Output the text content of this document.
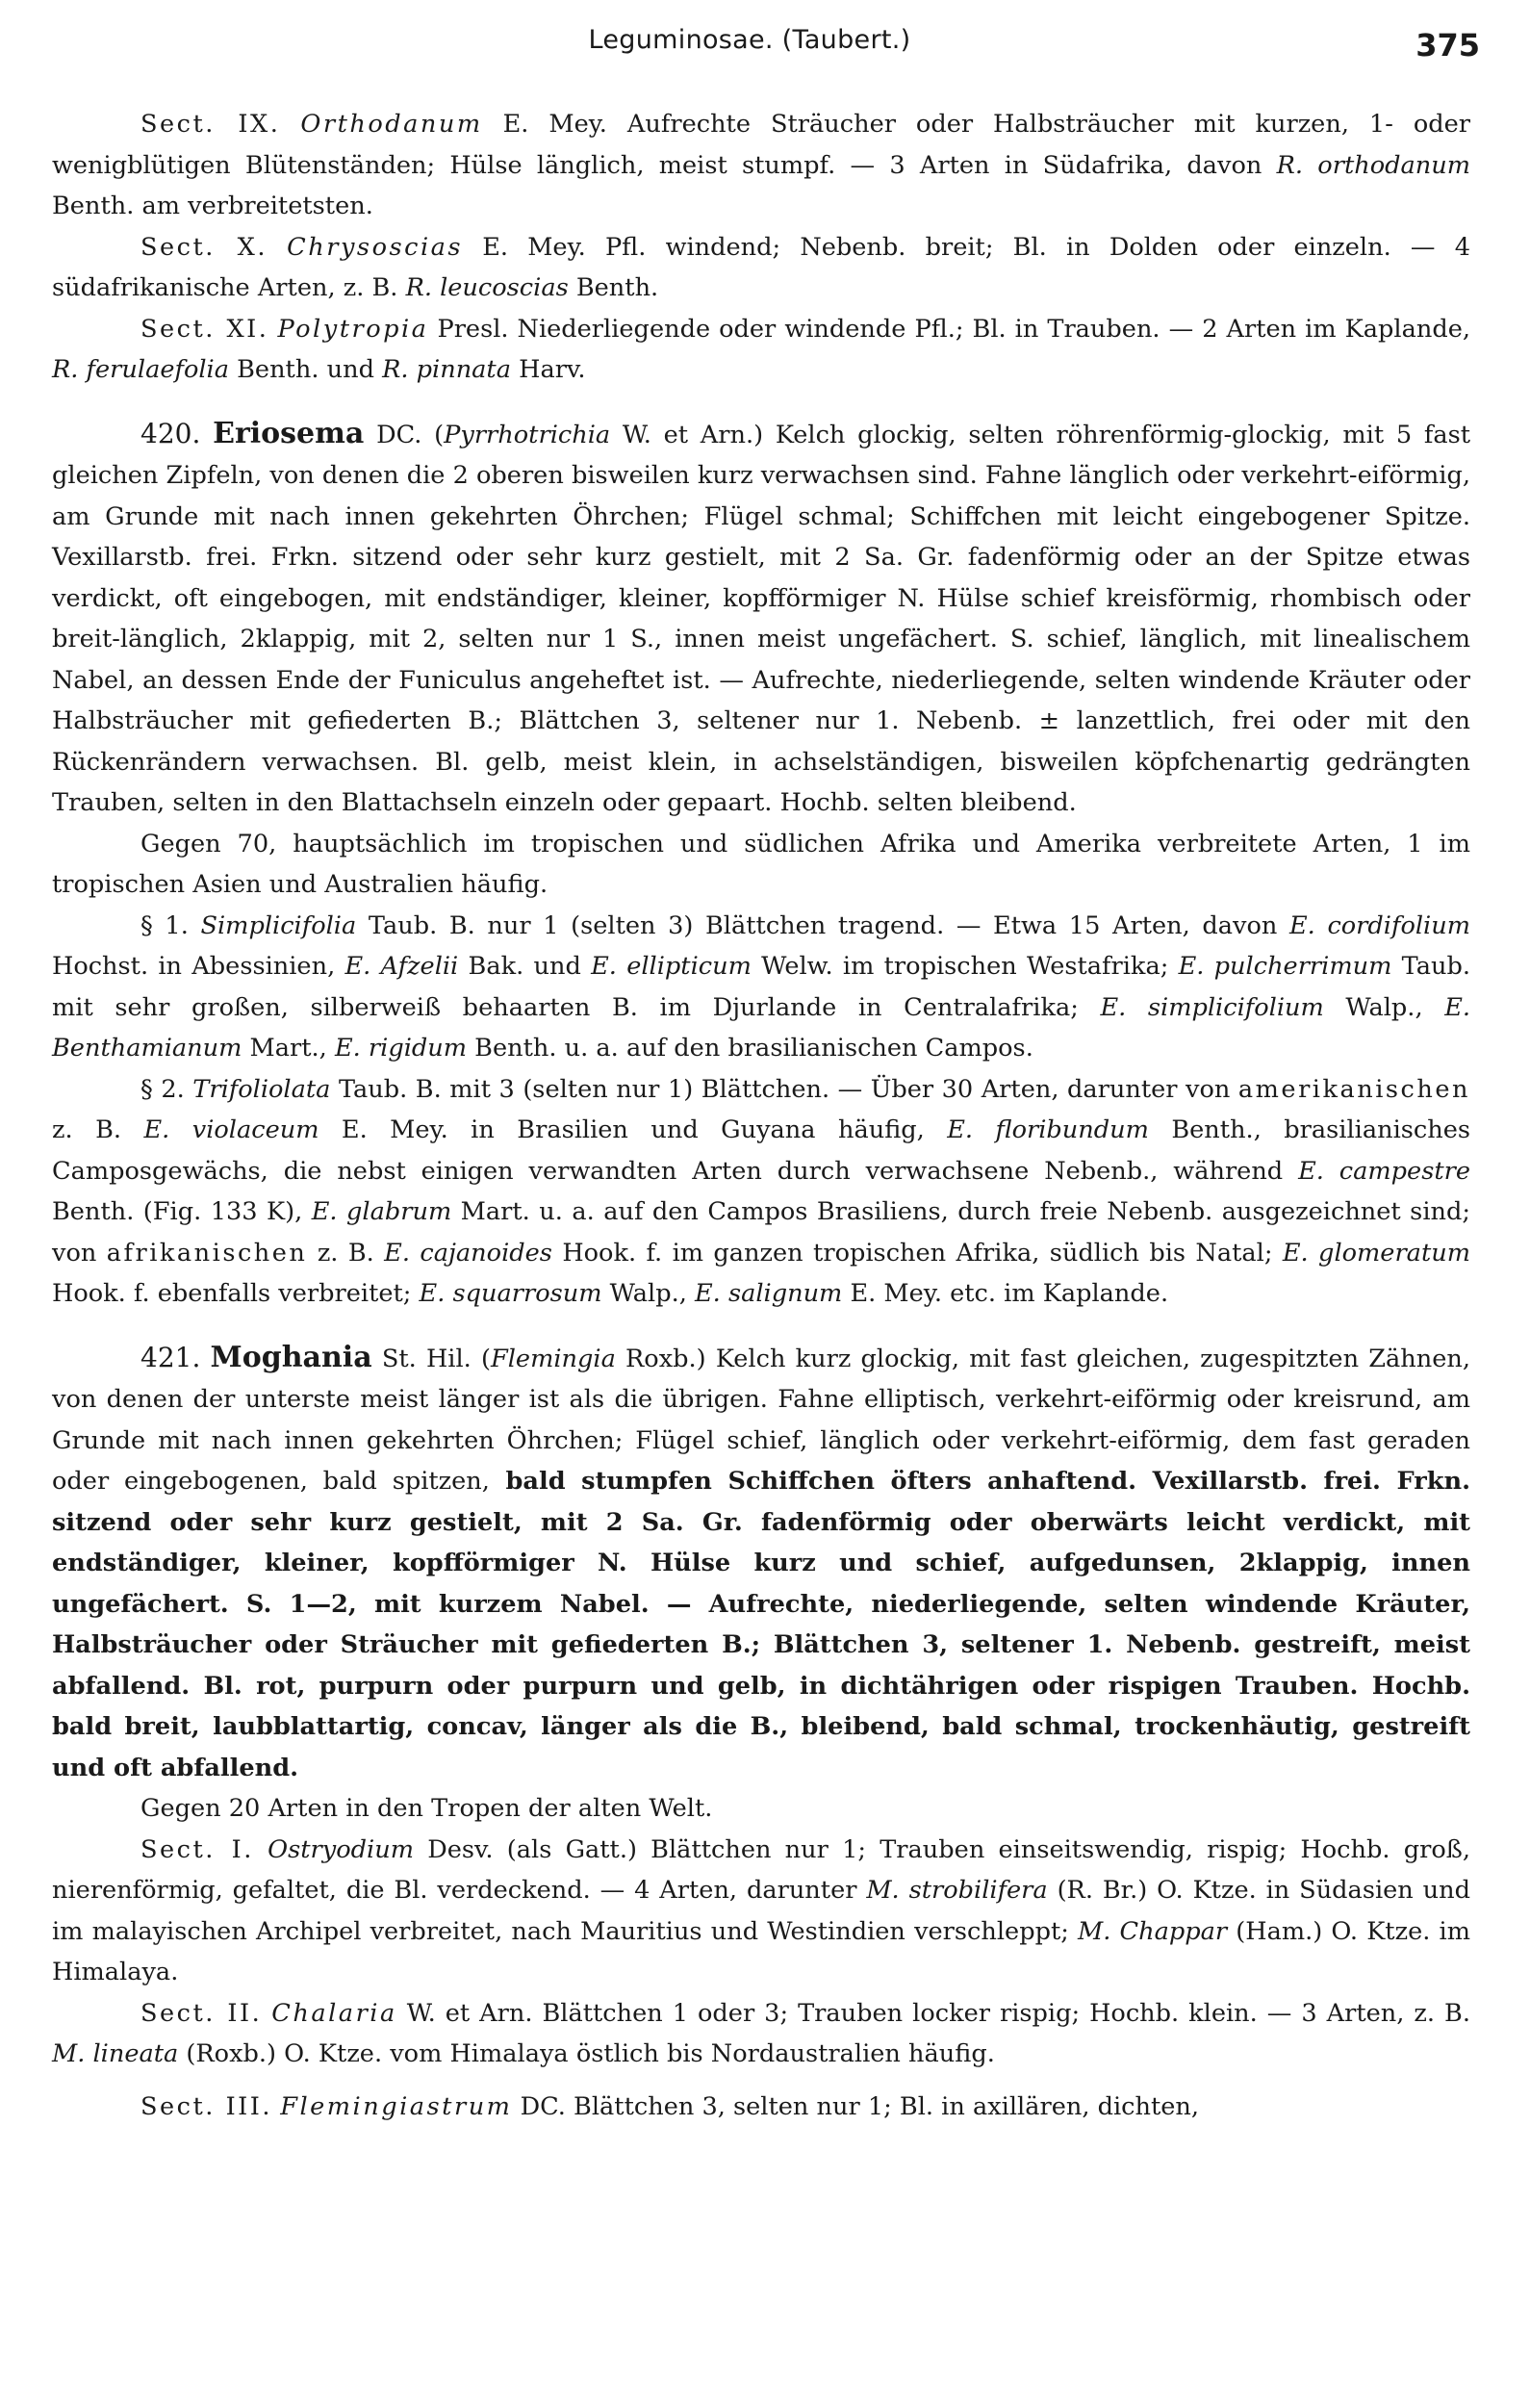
Leguminosae. (Taubert.)	375

Sect. IX. Orthodanum E. Mey. Aufrechte Sträucher oder Halbsträucher mit kurzen, 1- oder wenigblütigen Blütenständen; Hülse länglich, meist stumpf. — 3 Arten in Südafrika, davon R. orthodanum Benth. am verbreitetsten.

Sect. X. Chrysoscias E. Mey. Pfl. windend; Nebenb. breit; Bl. in Dolden oder einzeln. — 4 südafrikanische Arten, z. B. R. leucoscias Benth.

Sect. XI. Polytropia Presl. Niederliegende oder windende Pfl.; Bl. in Trauben. — 2 Arten im Kaplande, R. ferulaefolia Benth. und R. pinnata Harv.

420. Eriosema DC. (Pyrrhotrichia W. et Arn.) Kelch glockig, selten röhrenförmig-glockig, mit 5 fast gleichen Zipfeln, von denen die 2 oberen bisweilen kurz verwachsen sind. Fahne länglich oder verkehrt-eiförmig, am Grunde mit nach innen gekehrten Öhrchen; Flügel schmal; Schiffchen mit leicht eingebogener Spitze. Vexillarstb. frei. Frkn. sitzend oder sehr kurz gestielt, mit 2 Sa. Gr. fadenförmig oder an der Spitze etwas verdickt, oft eingebogen, mit endständiger, kleiner, kopfförmiger N. Hülse schief kreisförmig, rhombisch oder breit-länglich, 2klappig, mit 2, selten nur 1 S., innen meist ungefächert. S. schief, länglich, mit linealischem Nabel, an dessen Ende der Funiculus angeheftet ist. — Aufrechte, niederliegende, selten windende Kräuter oder Halbsträucher mit gefiederten B.; Blättchen 3, seltener nur 1. Nebenb. ± lanzettlich, frei oder mit den Rückenrändern verwachsen. Bl. gelb, meist klein, in achselständigen, bisweilen köpfchenartig gedrängten Trauben, selten in den Blattachseln einzeln oder gepaart. Hochb. selten bleibend.

Gegen 70, hauptsächlich im tropischen und südlichen Afrika und Amerika verbreitete Arten, 1 im tropischen Asien und Australien häufig.

§ 1. Simplicifolia Taub. B. nur 1 (selten 3) Blättchen tragend. — Etwa 15 Arten, davon E. cordifolium Hochst. in Abessinien, E. Afzelii Bak. und E. ellipticum Welw. im tropischen Westafrika; E. pulcherrimum Taub. mit sehr großen, silberweiß behaarten B. im Djurlande in Centralafrika; E. simplicifolium Walp., E. Benthamianum Mart., E. rigidum Benth. u. a. auf den brasilianischen Campos.

§ 2. Trifoliolata Taub. B. mit 3 (selten nur 1) Blättchen. — Über 30 Arten, darunter von amerikanischen z. B. E. violaceum E. Mey. in Brasilien und Guyana häufig, E. floribundum Benth., brasilianisches Camposgewächs, die nebst einigen verwandten Arten durch verwachsene Nebenb., während E. campestre Benth. (Fig. 133 K), E. glabrum Mart. u. a. auf den Campos Brasiliens, durch freie Nebenb. ausgezeichnet sind; von afrikanischen z. B. E. cajanoides Hook. f. im ganzen tropischen Afrika, südlich bis Natal; E. glomeratum Hook. f. ebenfalls verbreitet; E. squarrosum Walp., E. salignum E. Mey. etc. im Kaplande.

421. Moghania St. Hil. (Flemingia Roxb.) Kelch kurz glockig, mit fast gleichen, zugespitzten Zähnen, von denen der unterste meist länger ist als die übrigen. Fahne elliptisch, verkehrt-eiförmig oder kreisrund, am Grunde mit nach innen gekehrten Öhrchen; Flügel schief, länglich oder verkehrt-eiförmig, dem fast geraden oder eingebogenen, bald spitzen, bald stumpfen Schiffchen öfters anhaftend. Vexillarstb. frei. Frkn. sitzend oder sehr kurz gestielt, mit 2 Sa. Gr. fadenförmig oder oberwärts leicht verdickt, mit endständiger, kleiner, kopfförmiger N. Hülse kurz und schief, aufgedunsen, 2klappig, innen ungefächert. S. 1—2, mit kurzem Nabel. — Aufrechte, niederliegende, selten windende Kräuter, Halbsträucher oder Sträucher mit gefiederten B.; Blättchen 3, seltener 1. Nebenb. gestreift, meist abfallend. Bl. rot, purpurn oder purpurn und gelb, in dichtährigen oder rispigen Trauben. Hochb. bald breit, laubblattartig, concav, länger als die B., bleibend, bald schmal, trockenhäutig, gestreift und oft abfallend.

Gegen 20 Arten in den Tropen der alten Welt.

Sect. I. Ostryodium Desv. (als Gatt.) Blättchen nur 1; Trauben einseitswendig, rispig; Hochb. groß, nierenförmig, gefaltet, die Bl. verdeckend. — 4 Arten, darunter M. strobilifera (R. Br.) O. Ktze. in Südasien und im malayischen Archipel verbreitet, nach Mauritius und Westindien verschleppt; M. Chappar (Ham.) O. Ktze. im Himalaya.

Sect. II. Chalaria W. et Arn. Blättchen 1 oder 3; Trauben locker rispig; Hochb. klein. — 3 Arten, z. B. M. lineata (Roxb.) O. Ktze. vom Himalaya östlich bis Nordaustralien häufig.

Sect. III. Flemingiastrum DC. Blättchen 3, selten nur 1; Bl. in axillären, dichten,
